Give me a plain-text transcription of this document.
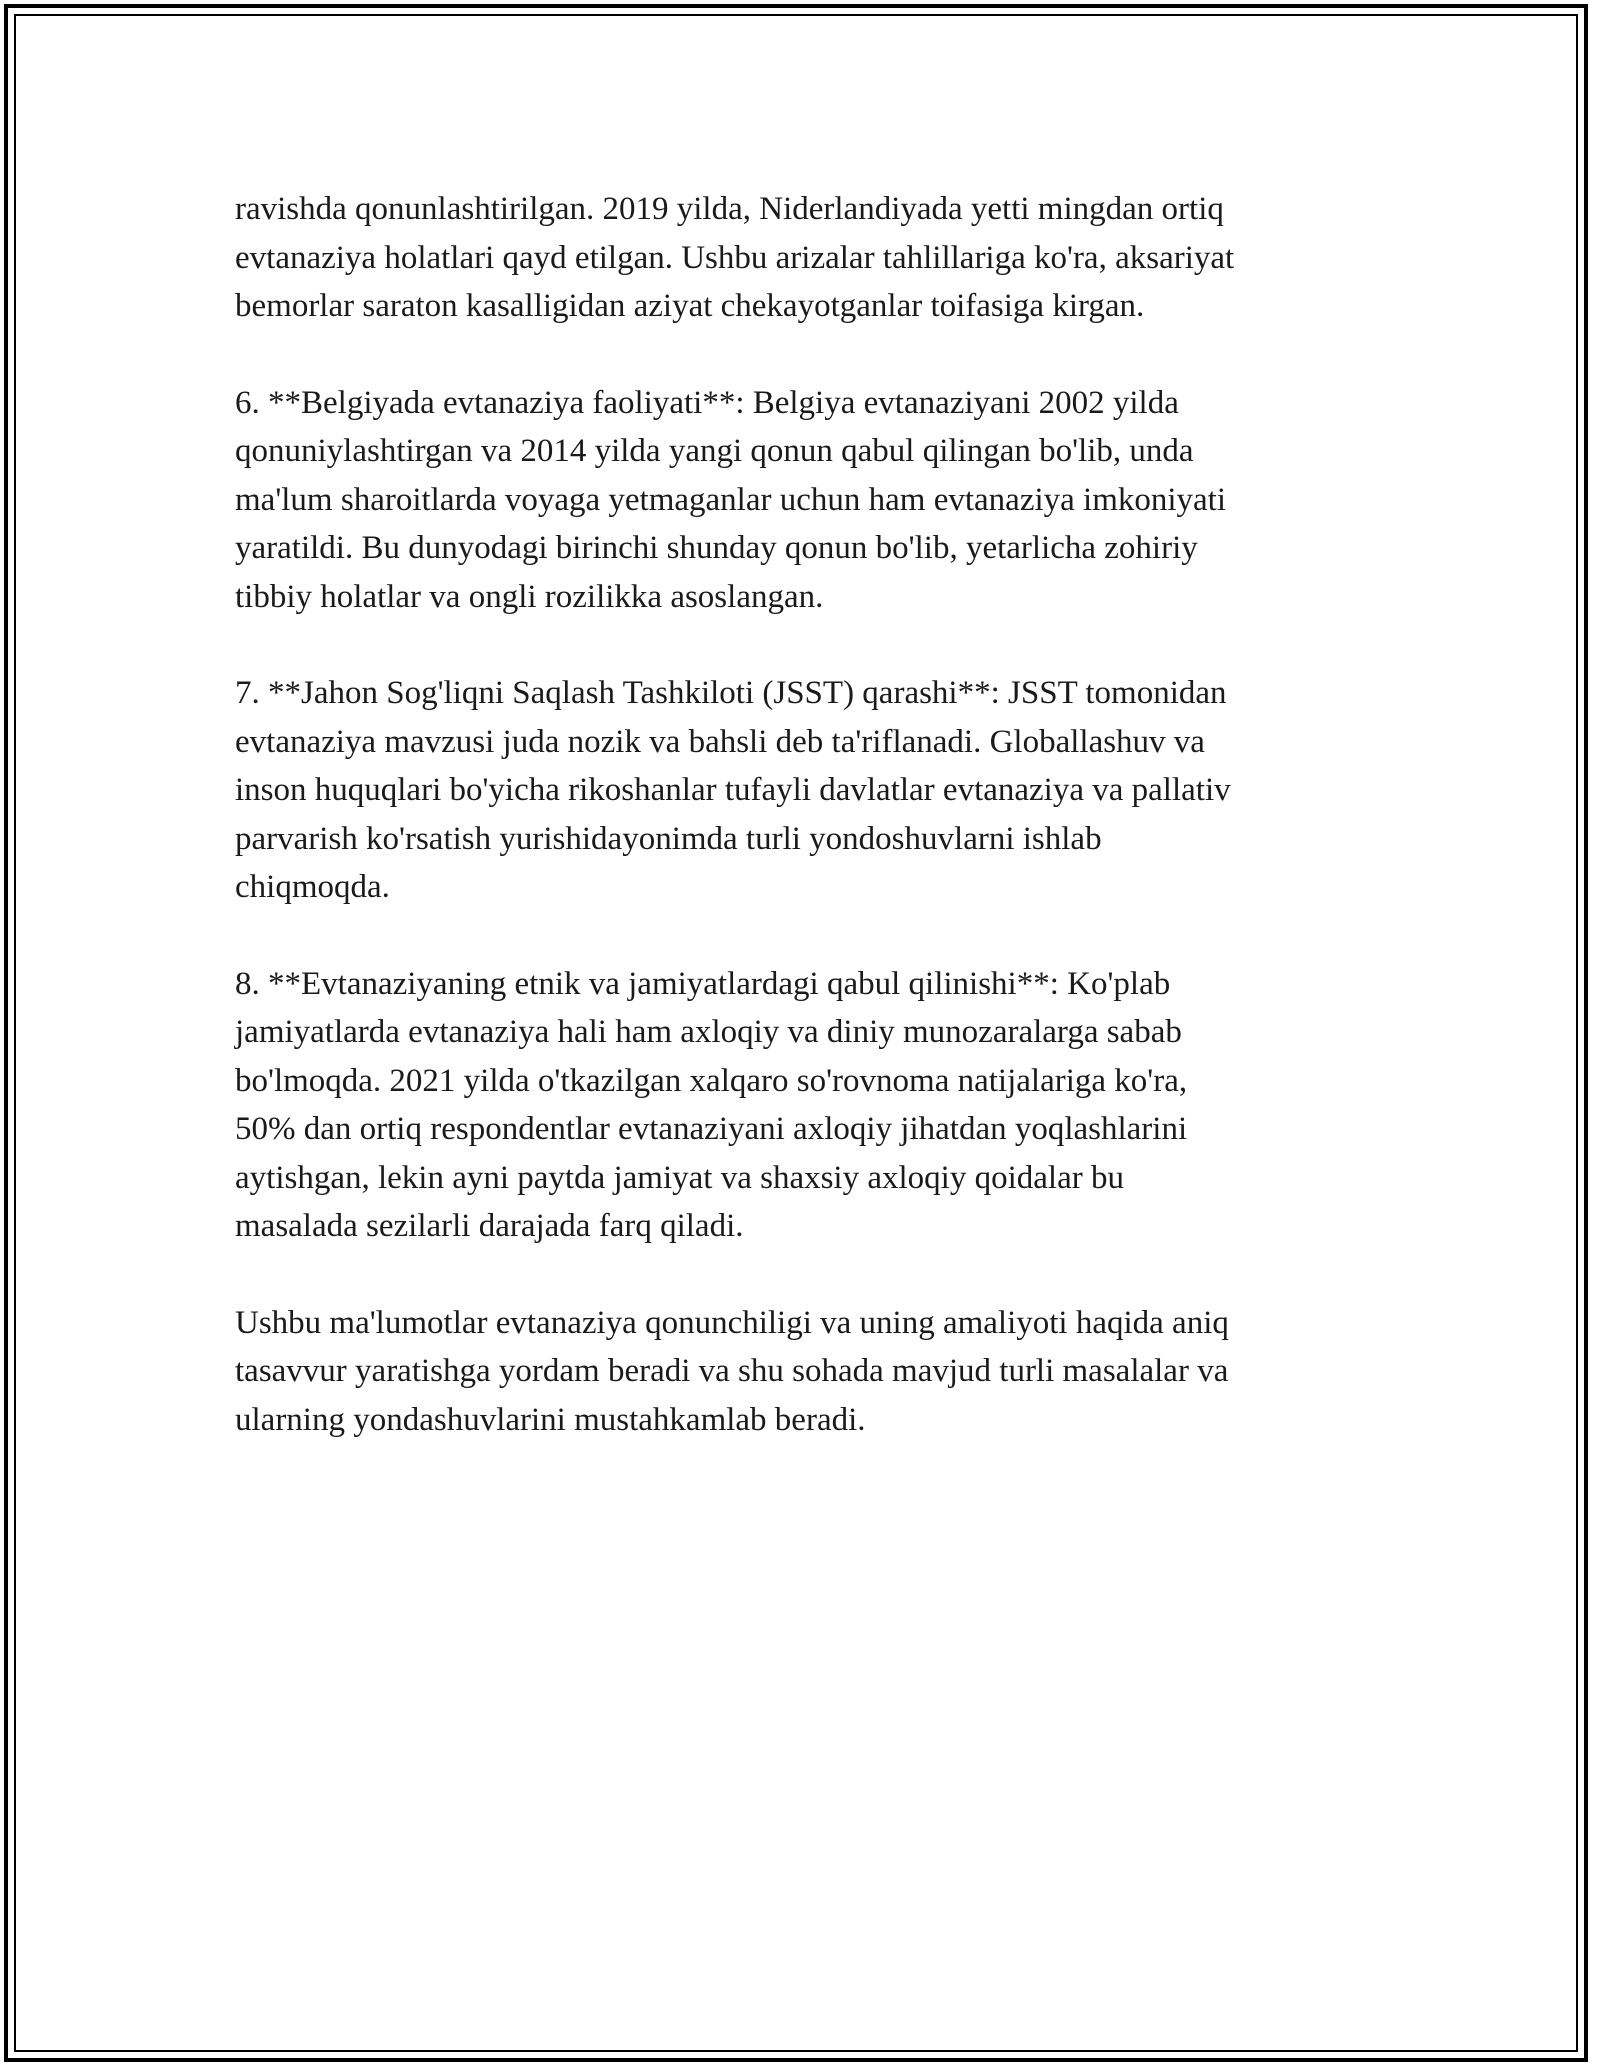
ravishda qonunlashtirilgan. 2019 yilda, Niderlandiyada yetti mingdan ortiq
evtanaziya holatlari qayd etilgan. Ushbu arizalar tahlillariga ko'ra, aksariyat
bemorlar saraton kasalligidan aziyat chekayotganlar toifasiga kirgan.

6. **Belgiyada evtanaziya faoliyati**: Belgiya evtanaziyani 2002 yilda
qonuniylashtirgan va 2014 yilda yangi qonun qabul qilingan bo'lib, unda
ma'lum sharoitlarda voyaga yetmaganlar uchun ham evtanaziya imkoniyati
yaratildi. Bu dunyodagi birinchi shunday qonun bo'lib, yetarlicha zohiriy
tibbiy holatlar va ongli rozilikka asoslangan.

7. **Jahon Sog'liqni Saqlash Tashkiloti (JSST) qarashi**: JSST tomonidan
evtanaziya mavzusi juda nozik va bahsli deb ta'riflanadi. Globallashuv va
inson huquqlari bo'yicha rikoshanlar tufayli davlatlar evtanaziya va pallativ
parvarish ko'rsatish yurishidayonimda turli yondoshuvlarni ishlab
chiqmoqda.

8. **Evtanaziyaning etnik va jamiyatlardagi qabul qilinishi**: Ko'plab
jamiyatlarda evtanaziya hali ham axloqiy va diniy munozaralarga sabab
bo'lmoqda. 2021 yilda o'tkazilgan xalqaro so'rovnoma natijalariga ko'ra,
50% dan ortiq respondentlar evtanaziyani axloqiy jihatdan yoqlashlarini
aytishgan, lekin ayni paytda jamiyat va shaxsiy axloqiy qoidalar bu
masalada sezilarli darajada farq qiladi.

Ushbu ma'lumotlar evtanaziya qonunchiligi va uning amaliyoti haqida aniq
tasavvur yaratishga yordam beradi va shu sohada mavjud turli masalalar va
ularning yondashuvlarini mustahkamlab beradi.
